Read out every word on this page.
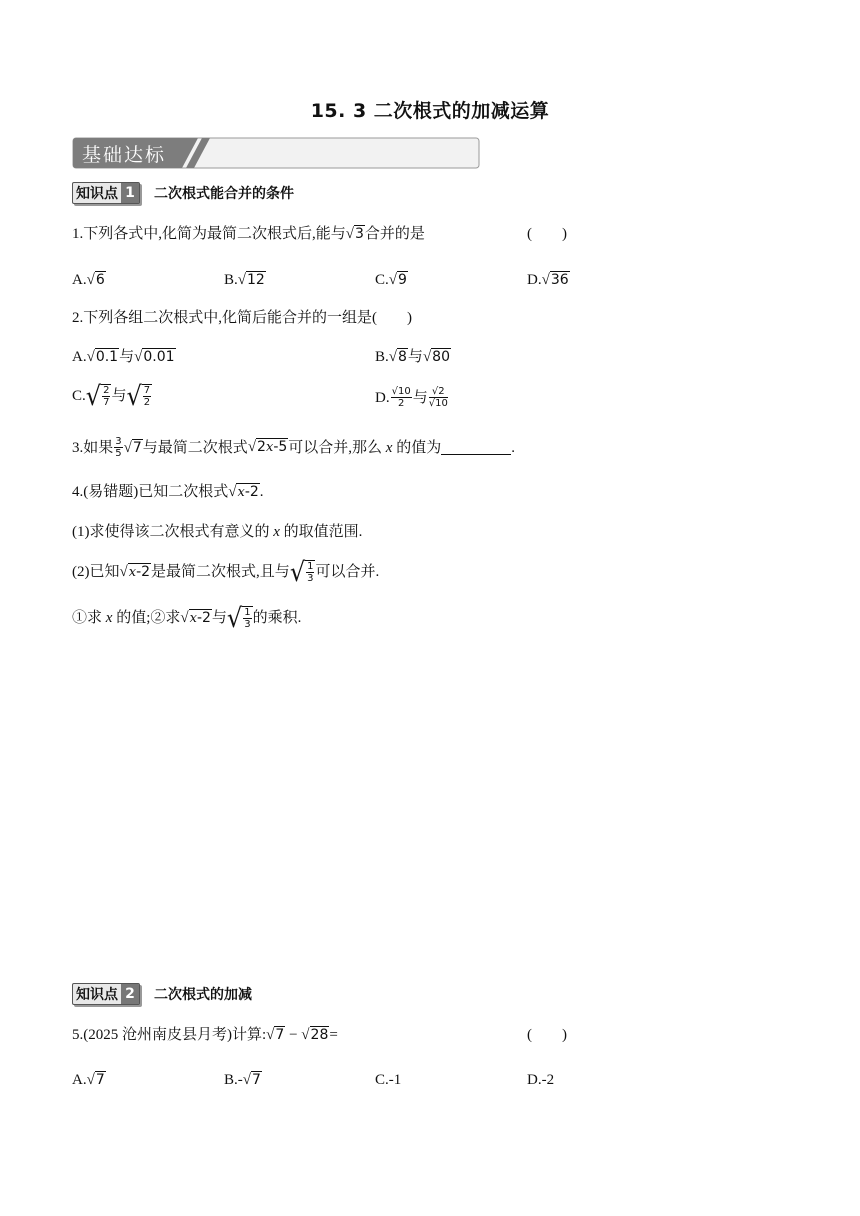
15. 3 二次根式的加减运算
基础达标
知识点 1 二次根式能合并的条件
1.下列各式中,化简为最简二次根式后,能与√3合并的是	(　　)
A.√6	B.√12	C.√9	D.√36
2.下列各组二次根式中,化简后能合并的一组是(　　)
A.√0.1与√0.01	B.√8与√80
C. √ $\frac{2}{7}$ 与 √ $\frac{7}{2}$	D. $\frac{√10}{2}$ 与 $\frac{√2}{√10}$
3.如果 $\frac{3}{5} √7$ 与最简二次根式 √2x-5 可以合并,那么
x
的值为	.
4.(易错题)已知二次根式√x-2.
(1)求使得该二次根式有意义的 x 的取值范围.
(2)已知 √x-2 是最简二次根式,且与 √ $\frac{1}{3}$ 可以合并.
①求
x
的值;②求 √x-2 与 √ $\frac{1}{3}$ 的乘积.
知识点 2 二次根式的加减
5.(2025 沧州南皮县月考)计算:√7 − √28=	(　　)
A.√7	B.-√7	C.-1	D.-2
